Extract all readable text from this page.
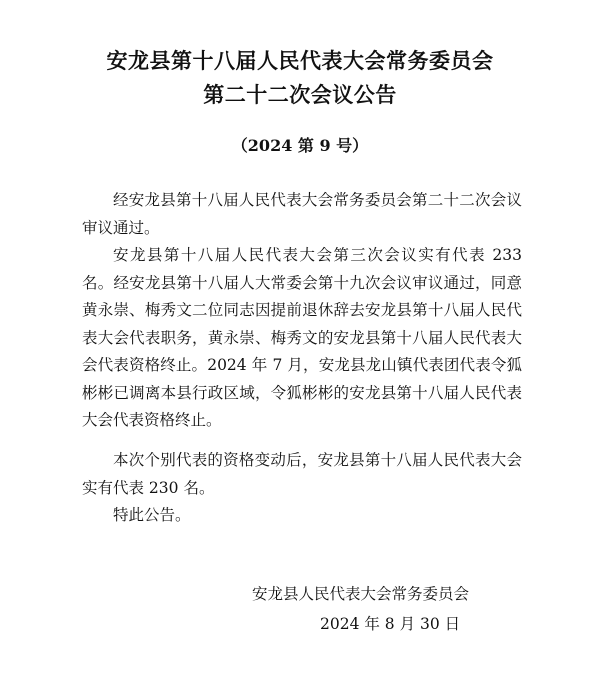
安龙县第十八届人民代表大会常务委员会
第二十二次会议公告
（2024 第 9 号）

经安龙县第十八届人民代表大会常务委员会第二十二次会议审议通过。

安龙县第十八届人民代表大会第三次会议实有代表 233 名。经安龙县第十八届人大常委会第十九次会议审议通过，同意黄永崇、梅秀文二位同志因提前退休辞去安龙县第十八届人民代表大会代表职务，黄永崇、梅秀文的安龙县第十八届人民代表大会代表资格终止。2024 年 7 月，安龙县龙山镇代表团代表令狐彬彬已调离本县行政区域，令狐彬彬的安龙县第十八届人民代表大会代表资格终止。

本次个别代表的资格变动后，安龙县第十八届人民代表大会实有代表 230 名。

特此公告。

安龙县人民代表大会常务委员会
2024 年 8 月 30 日
